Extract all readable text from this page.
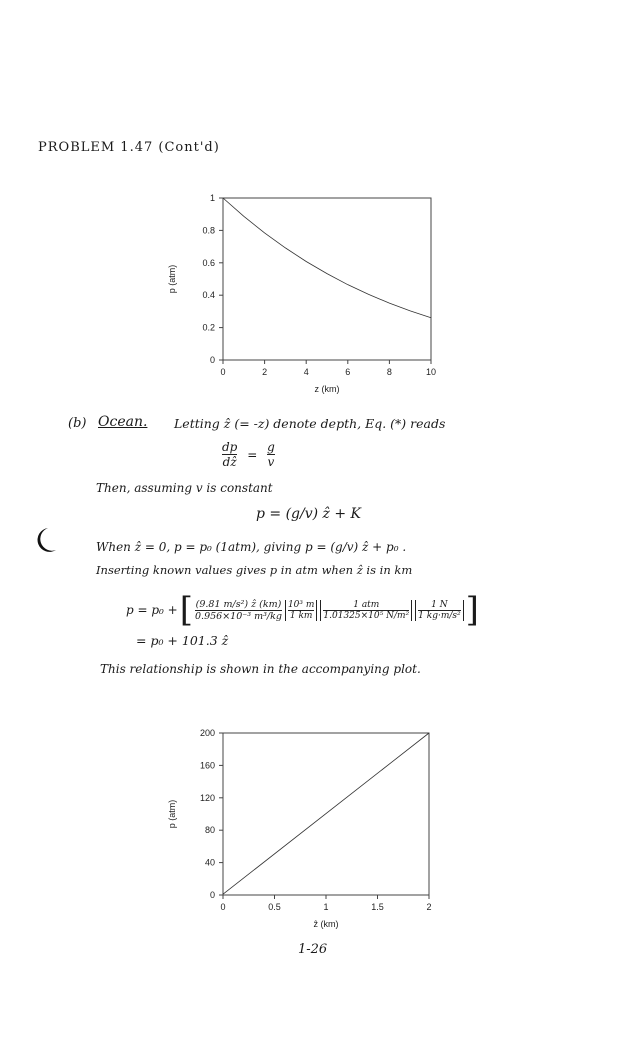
PROBLEM 1.47 (Cont'd)
0	2	4	6	8	10
0
0.2
0.4
0.6
0.8
1
z (km)
p (atm)
(b) Ocean. Letting ẑ (= -z) denote depth, Eq. (*) reads
$\frac{dp}{\text{dẑ}} = \frac{g}{v}$
Then, assuming v is constant
p = (g/v) ẑ + K
When ẑ = 0, p = p₀ (1atm), giving p = (g/v) ẑ + p₀ .
Inserting known values gives p in atm when ẑ is in km
p = p₀ + [ $\frac{\text{(9.81 m/s²) ẑ (km)}}{\text{0.956×10⁻³ m³/kg}} \frac{\text{10³ m}}{1 km}$	1 atm
1.01325×10⁵ $N/m^2 \frac{1 N}{\text{1 kg·m/s²}}$ ]
= p₀ + 101.3 ẑ
This relationship is shown in the accompanying plot.
0	0.5	1	1.5	2
0
40
80
120
160
200
ẑ (km)
p (atm)
1-26
